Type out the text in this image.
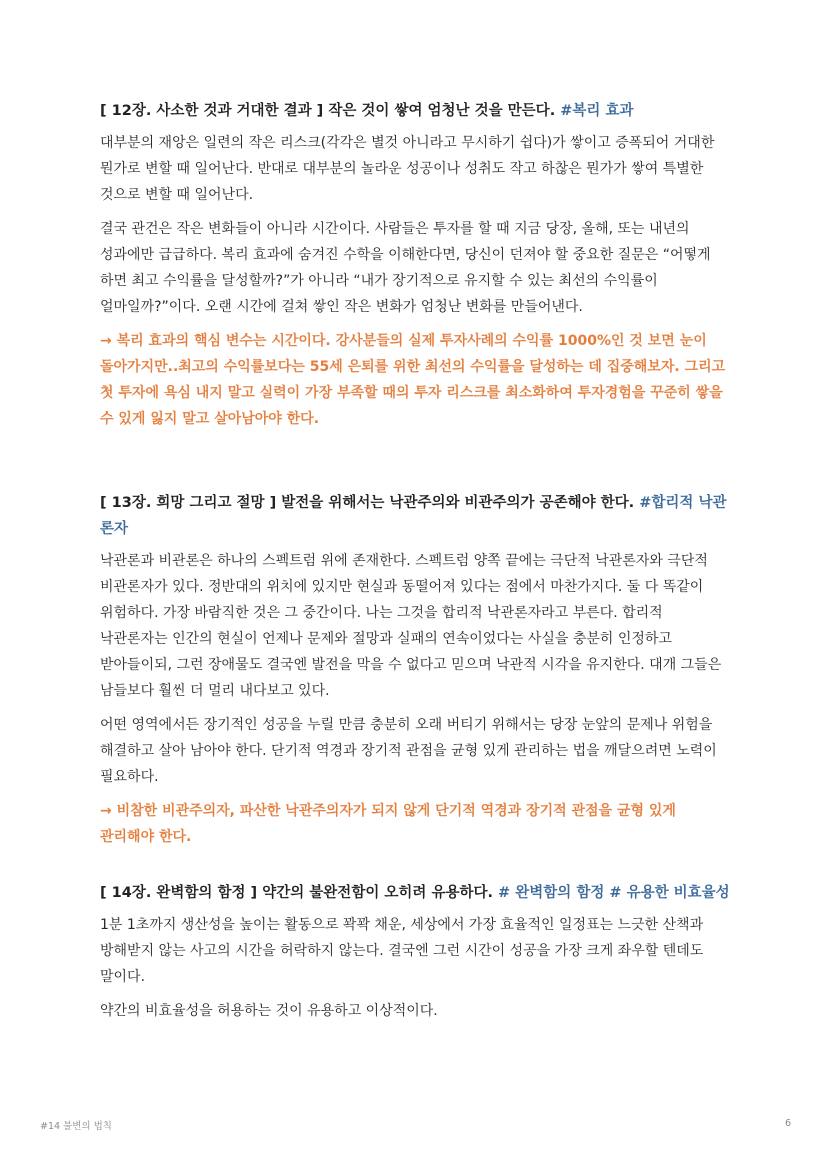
[ 12장. 사소한 것과 거대한 결과 ] 작은 것이 쌓여 엄청난 것을 만든다. #복리 효과

대부분의 재앙은 일련의 작은 리스크(각각은 별것 아니라고 무시하기 쉽다)가 쌓이고 증폭되어 거대한 뭔가로 변할 때 일어난다. 반대로 대부분의 놀라운 성공이나 성취도 작고 하찮은 뭔가가 쌓여 특별한 것으로 변할 때 일어난다.

결국 관건은 작은 변화들이 아니라 시간이다. 사람들은 투자를 할 때 지금 당장, 올해, 또는 내년의 성과에만 급급하다. 복리 효과에 숨겨진 수학을 이해한다면, 당신이 던져야 할 중요한 질문은 “어떻게 하면 최고 수익률을 달성할까?”가 아니라 “내가 장기적으로 유지할 수 있는 최선의 수익률이 얼마일까?”이다. 오랜 시간에 걸쳐 쌓인 작은 변화가 엄청난 변화를 만들어낸다.

→ 복리 효과의 핵심 변수는 시간이다. 강사분들의 실제 투자사례의 수익률 1000%인 것 보면 눈이 돌아가지만..최고의 수익률보다는 55세 은퇴를 위한 최선의 수익률을 달성하는 데 집중해보자. 그리고 첫 투자에 욕심 내지 말고 실력이 가장 부족할 때의 투자 리스크를 최소화하여 투자경험을 꾸준히 쌓을 수 있게 잃지 말고 살아남아야 한다.

[ 13장. 희망 그리고 절망 ] 발전을 위해서는 낙관주의와 비관주의가 공존해야 한다. #합리적 낙관론자

낙관론과 비관론은 하나의 스펙트럼 위에 존재한다. 스펙트럼 양쪽 끝에는 극단적 낙관론자와 극단적 비관론자가 있다. 정반대의 위치에 있지만 현실과 동떨어져 있다는 점에서 마찬가지다. 둘 다 똑같이 위험하다. 가장 바람직한 것은 그 중간이다. 나는 그것을 합리적 낙관론자라고 부른다. 합리적 낙관론자는 인간의 현실이 언제나 문제와 절망과 실패의 연속이었다는 사실을 충분히 인정하고 받아들이되, 그런 장애물도 결국엔 발전을 막을 수 없다고 믿으며 낙관적 시각을 유지한다. 대개 그들은 남들보다 훨씬 더 멀리 내다보고 있다.

어떤 영역에서든 장기적인 성공을 누릴 만큼 충분히 오래 버티기 위해서는 당장 눈앞의 문제나 위험을 해결하고 살아 남아야 한다. 단기적 역경과 장기적 관점을 균형 있게 관리하는 법을 깨달으려면 노력이 필요하다.

→ 비참한 비관주의자, 파산한 낙관주의자가 되지 않게 단기적 역경과 장기적 관점을 균형 있게 관리해야 한다.

[ 14장. 완벽함의 함정 ] 약간의 불완전함이 오히려 유용하다. # 완벽함의 함정 # 유용한 비효율성

1분 1초까지 생산성을 높이는 활동으로 꽉꽉 채운, 세상에서 가장 효율적인 일정표는 느긋한 산책과 방해받지 않는 사고의 시간을 허락하지 않는다. 결국엔 그런 시간이 성공을 가장 크게 좌우할 텐데도 말이다.

약간의 비효율성을 허용하는 것이 유용하고 이상적이다.

#14 불변의 법칙	6
